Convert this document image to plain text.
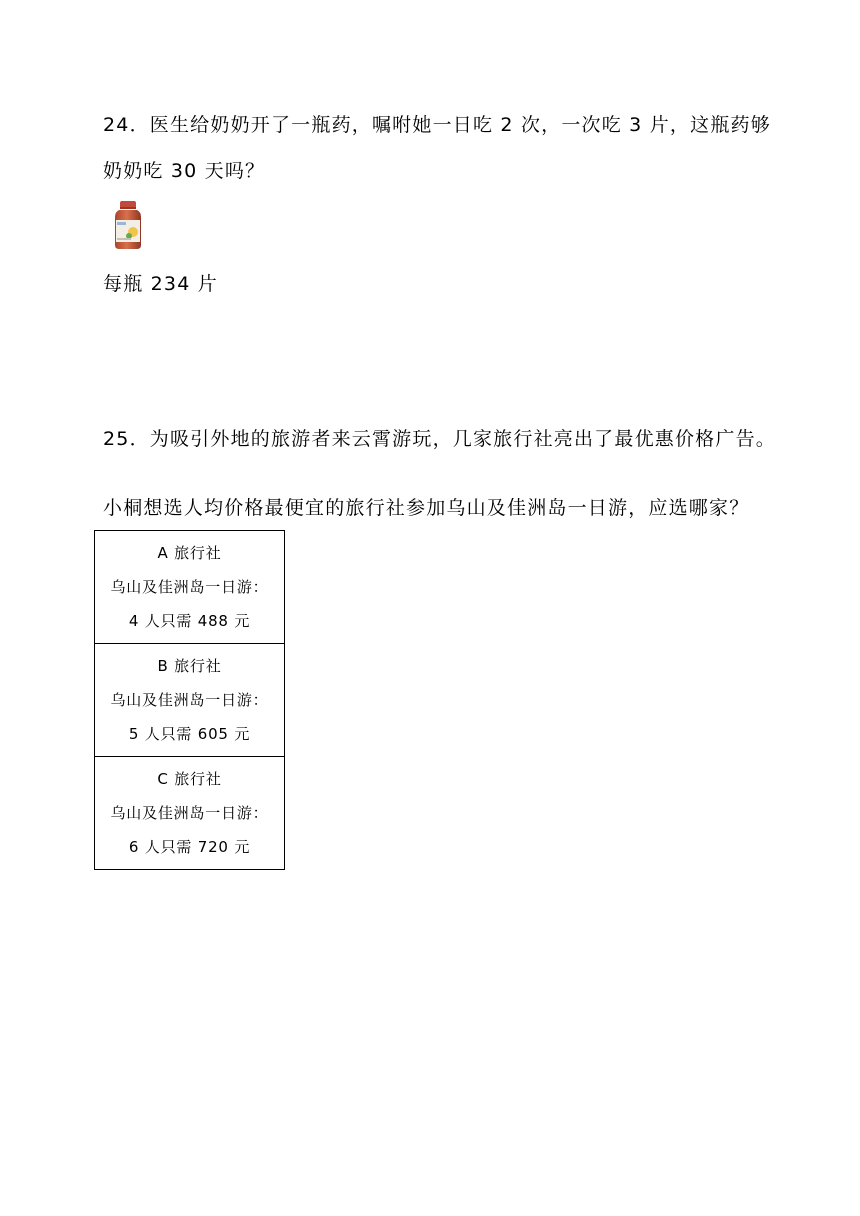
24．医生给奶奶开了一瓶药，嘱咐她一日吃 2 次，一次吃 3 片，这瓶药够
奶奶吃 30 天吗？
每瓶 234 片
25．为吸引外地的旅游者来云霄游玩，几家旅行社亮出了最优惠价格广告。
小桐想选人均价格最便宜的旅行社参加乌山及佳洲岛一日游，应选哪家？
A 旅行社
乌山及佳洲岛一日游：
4 人只需 488 元

B 旅行社
乌山及佳洲岛一日游：
5 人只需 605 元

C 旅行社
乌山及佳洲岛一日游：
6 人只需 720 元
